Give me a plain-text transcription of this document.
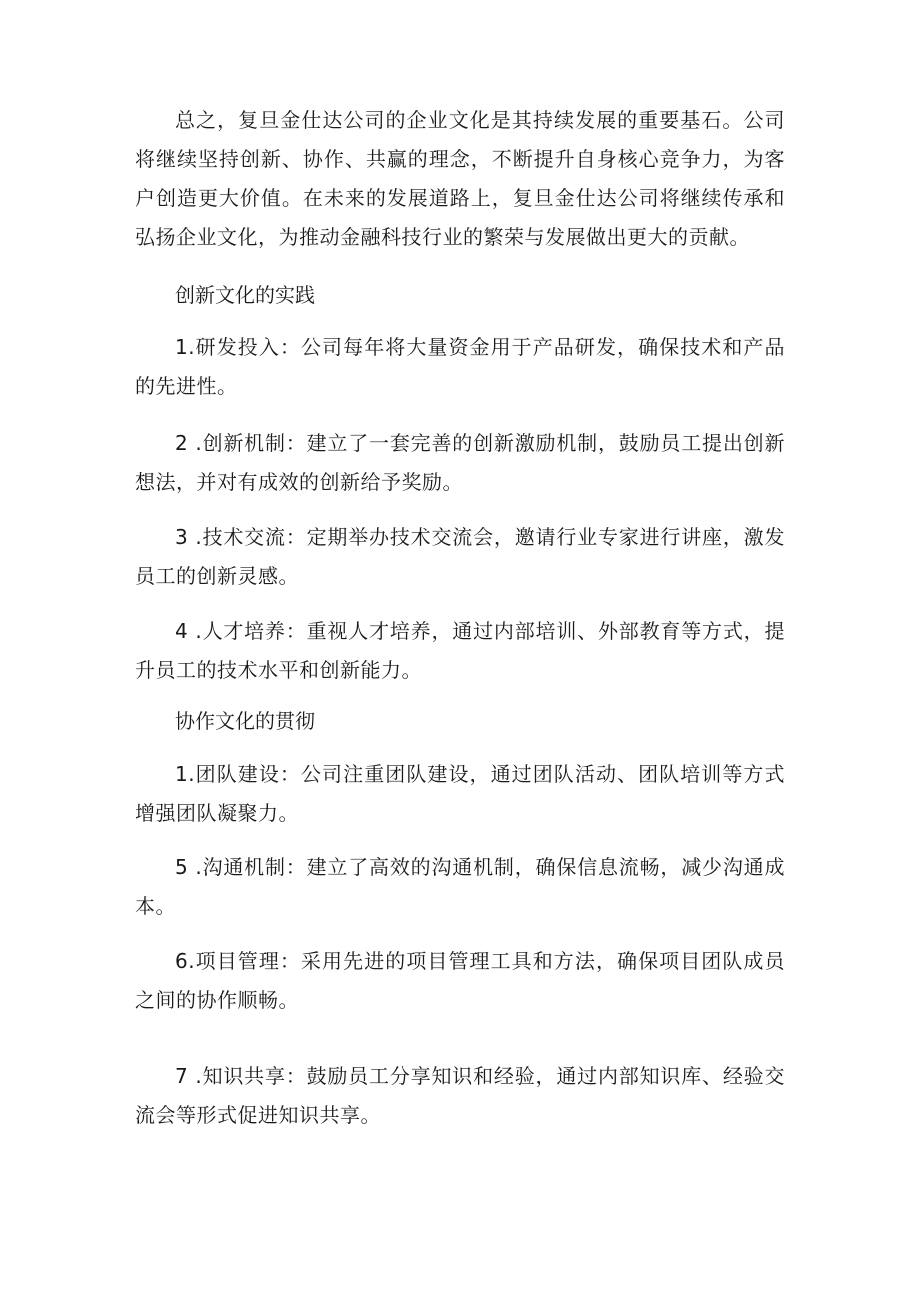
总之，复旦金仕达公司的企业文化是其持续发展的重要基石。公司将继续坚持创新、协作、共赢的理念，不断提升自身核心竞争力，为客户创造更大价值。在未来的发展道路上，复旦金仕达公司将继续传承和弘扬企业文化，为推动金融科技行业的繁荣与发展做出更大的贡献。

创新文化的实践

1.研发投入：公司每年将大量资金用于产品研发，确保技术和产品的先进性。

2 .创新机制：建立了一套完善的创新激励机制，鼓励员工提出创新想法，并对有成效的创新给予奖励。

3 .技术交流：定期举办技术交流会，邀请行业专家进行讲座，激发员工的创新灵感。

4 .人才培养：重视人才培养，通过内部培训、外部教育等方式，提升员工的技术水平和创新能力。

协作文化的贯彻

1.团队建设：公司注重团队建设，通过团队活动、团队培训等方式增强团队凝聚力。

5 .沟通机制：建立了高效的沟通机制，确保信息流畅，减少沟通成本。

6.项目管理：采用先进的项目管理工具和方法，确保项目团队成员之间的协作顺畅。

7 .知识共享：鼓励员工分享知识和经验，通过内部知识库、经验交流会等形式促进知识共享。
